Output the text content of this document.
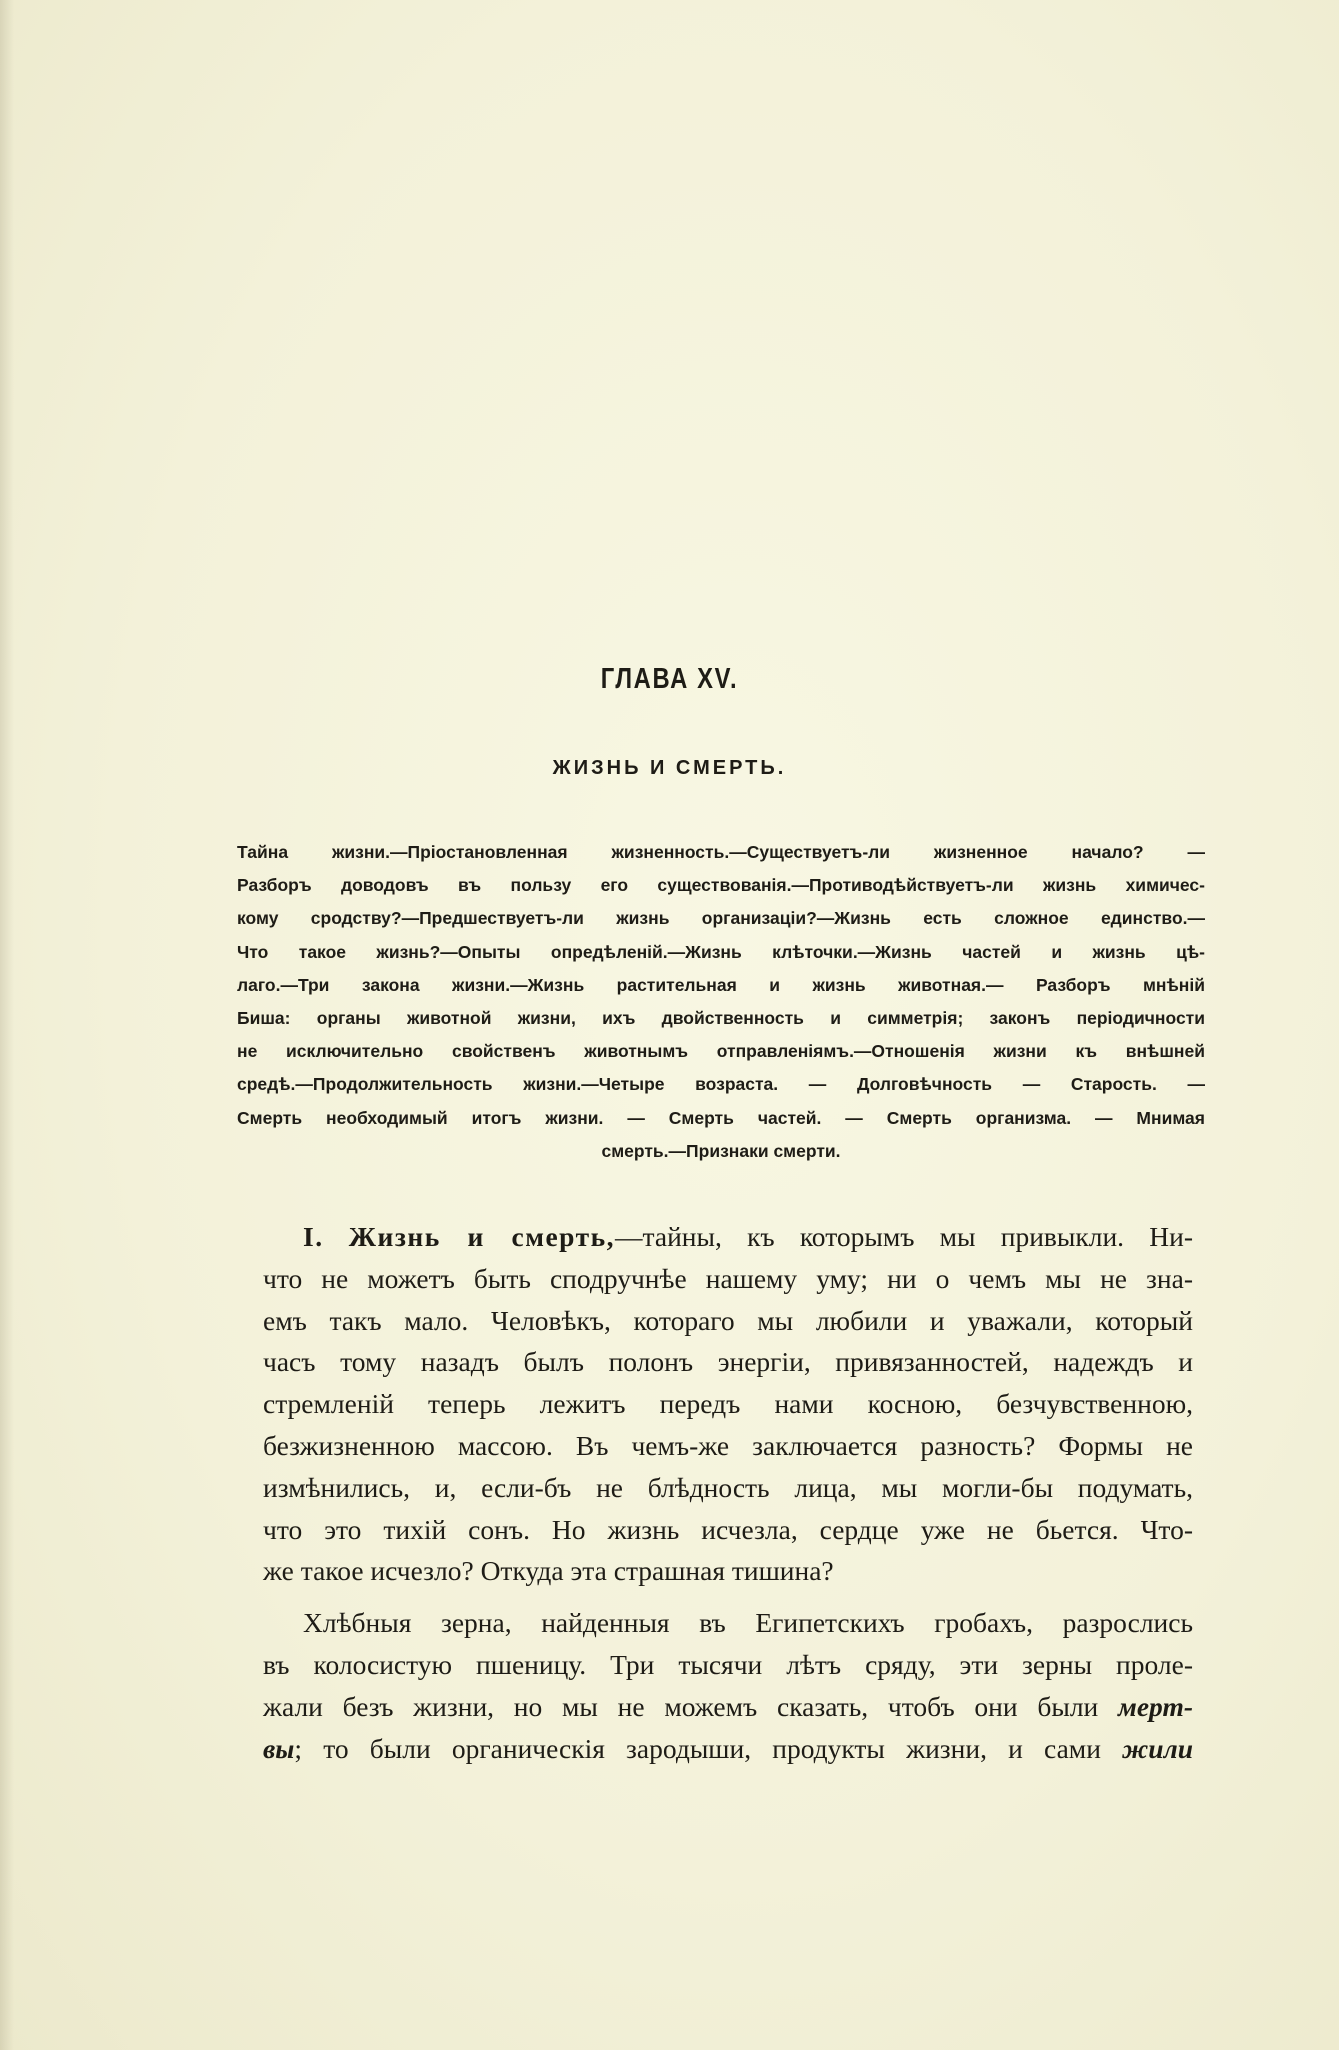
ГЛАВА XV.
ЖИЗНЬ И СМЕРТЬ.
Тайна жизни.—Пріостановленная жизненность.—Существуетъ-ли жизненное начало? —
Разборъ доводовъ въ пользу его существованія.—Противодѣйствуетъ-ли жизнь химичес-
кому сродству?—Предшествуетъ-ли жизнь организаціи?—Жизнь есть сложное единство.—
Что такое жизнь?—Опыты опредѣленій.—Жизнь клѣточки.—Жизнь частей и жизнь цѣ-
лаго.—Три закона жизни.—Жизнь растительная и жизнь животная.— Разборъ мнѣній
Биша: органы животной жизни, ихъ двойственность и симметрія; законъ періодичности
не исключительно свойственъ животнымъ отправленіямъ.—Отношенія жизни къ внѣшней
средѣ.—Продолжительность жизни.—Четыре возраста. — Долговѣчность — Старость. —
Смерть необходимый итогъ жизни. — Смерть частей. — Смерть организма. — Мнимая
смерть.—Признаки смерти.
I. Жизнь и смерть,—тайны, къ которымъ мы привыкли. Ни-
что не можетъ быть сподручнѣе нашему уму; ни о чемъ мы не зна-
емъ такъ мало. Человѣкъ, котораго мы любили и уважали, который
часъ тому назадъ былъ полонъ энергіи, привязанностей, надеждъ и
стремленій теперь лежитъ передъ нами косною, безчувственною,
безжизненною массою. Въ чемъ-же заключается разность? Формы не
измѣнились, и, если-бъ не блѣдность лица, мы могли-бы подумать,
что это тихій сонъ. Но жизнь исчезла, сердце уже не бьется. Что-
же такое исчезло? Откуда эта страшная тишина?
Хлѣбныя зерна, найденныя въ Египетскихъ гробахъ, разрослись
въ колосистую пшеницу. Три тысячи лѣтъ сряду, эти зерны проле-
жали безъ жизни, но мы не можемъ сказать, чтобъ они были мерт-
вы; то были органическія зародыши, продукты жизни, и сами жили
